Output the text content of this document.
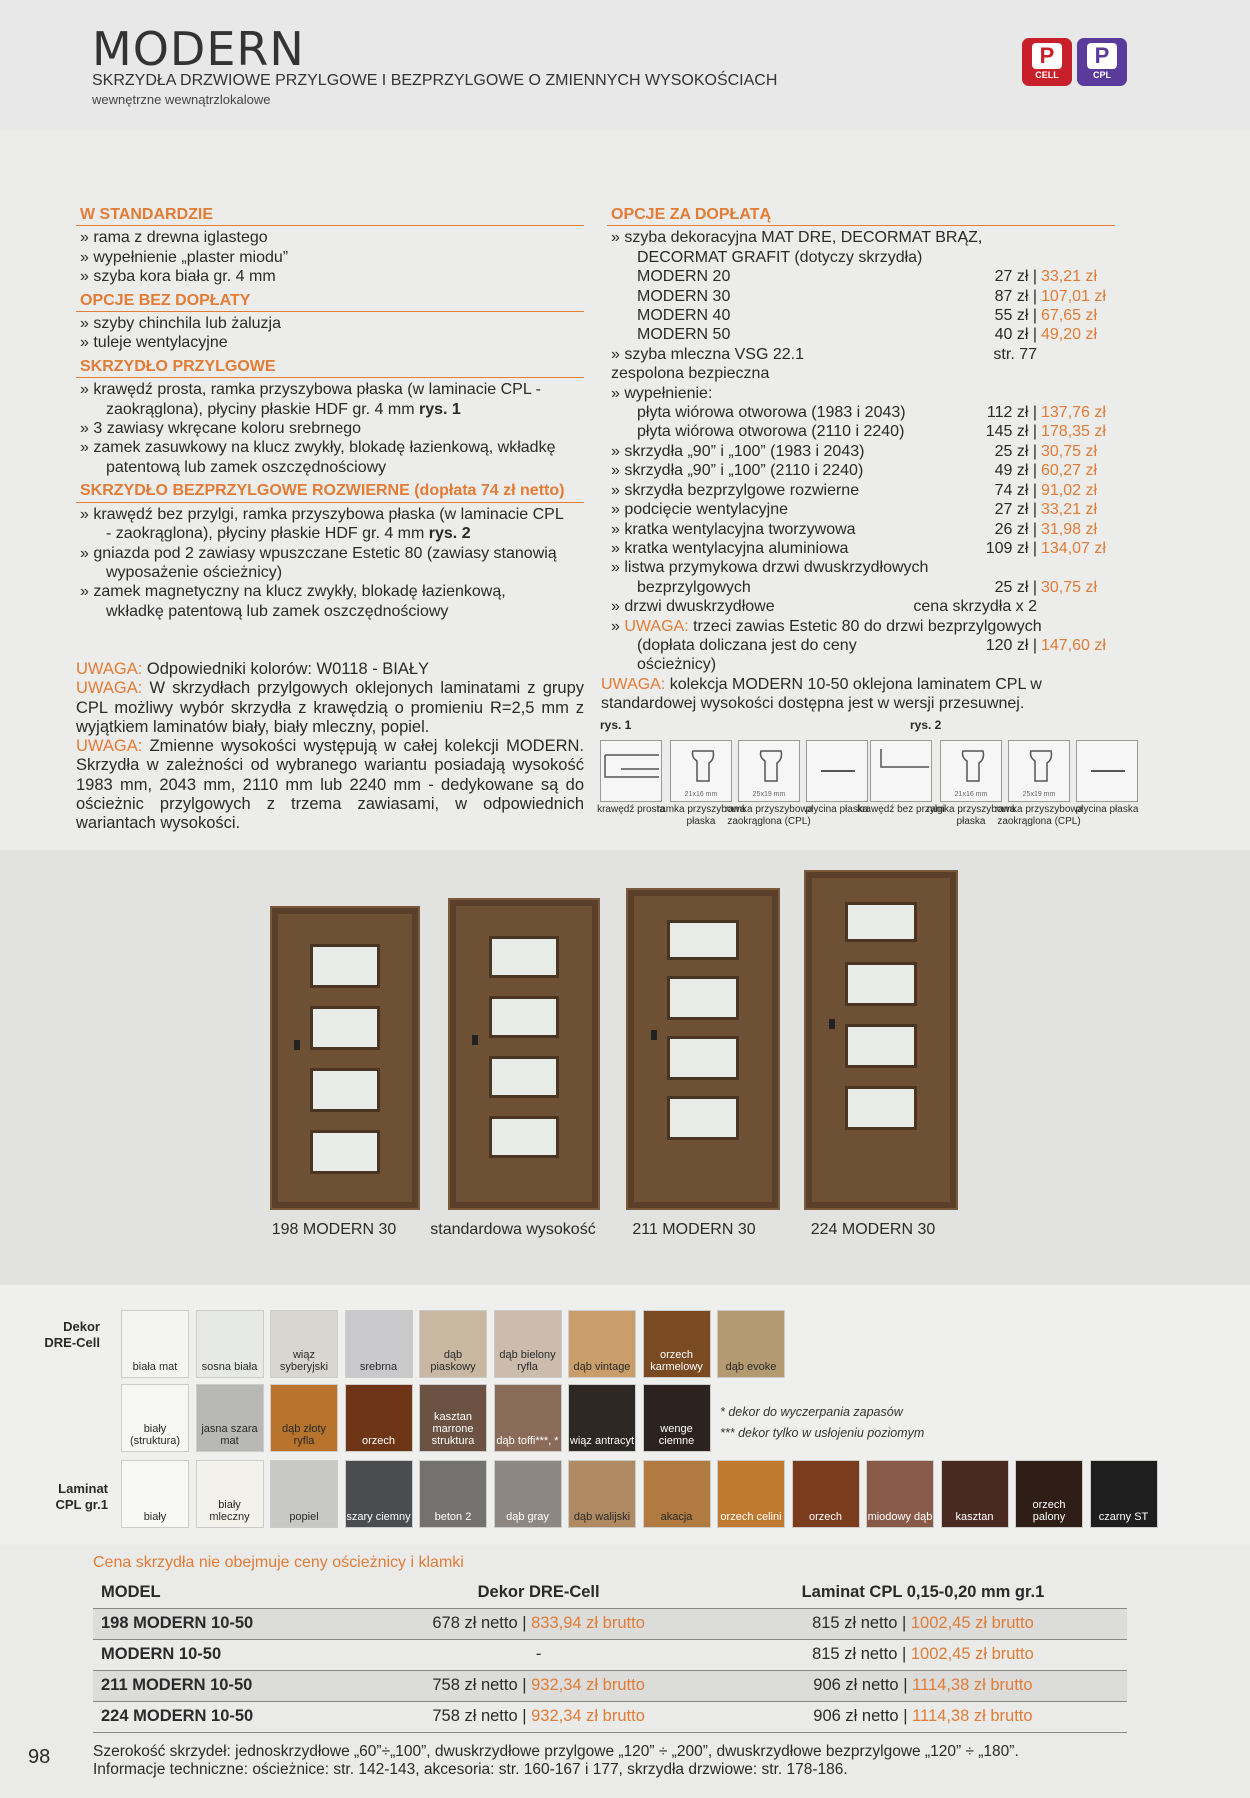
MODERN
SKRZYDŁA DRZWIOWE PRZYLGOWE I BEZPRZYLGOWE O ZMIENNYCH WYSOKOŚCIACH
wewnętrzne wewnątrzlokalowe
P
CELL
P
CPL
W STANDARDZIE
» rama z drewna iglastego
» wypełnienie „plaster miodu”
» szyba kora biała gr. 4 mm
OPCJE BEZ DOPŁATY
» szyby chinchila lub żaluzja
» tuleje wentylacyjne
SKRZYDŁO PRZYLGOWE
» krawędź prosta, ramka przyszybowa płaska (w laminacie CPL -
zaokrąglona), płyciny płaskie HDF gr. 4 mm rys. 1
» 3 zawiasy wkręcane koloru srebrnego
» zamek zasuwkowy na klucz zwykły, blokadę łazienkową, wkładkę
patentową lub zamek oszczędnościowy
SKRZYDŁO BEZPRZYLGOWE ROZWIERNE (dopłata 74 zł netto)
» krawędź bez przylgi, ramka przyszybowa płaska (w laminacie CPL
- zaokrąglona), płyciny płaskie HDF gr. 4 mm rys. 2
» gniazda pod 2 zawiasy wpuszczane Estetic 80 (zawiasy stanowią
wyposażenie ościeżnicy)
» zamek magnetyczny na klucz zwykły, blokadę łazienkową,
wkładkę patentową lub zamek oszczędnościowy
UWAGA: Odpowiedniki kolorów: W0118 - BIAŁY
UWAGA: W skrzydłach przylgowych oklejonych laminatami z grupy CPL możliwy wybór skrzydła z krawędzią o promieniu R=2,5 mm z wyjątkiem laminatów biały, biały mleczny, popiel.
UWAGA: Zmienne wysokości występują w całej kolekcji MODERN. Skrzydła w zależności od wybranego wariantu posiadają wysokość 1983 mm, 2043 mm, 2110 mm lub 2240 mm - dedykowane są do ościeżnic przylgowych z trzema zawiasami, w odpowiednich wariantach wysokości.
OPCJE ZA DOPŁATĄ
» szyba dekoracyjna MAT DRE, DECORMAT BRĄZ,
DECORMAT GRAFIT (dotyczy skrzydła)
MODERN 20	27 zł | 33,21 zł
MODERN 30	87 zł | 107,01 zł
MODERN 40	55 zł | 67,65 zł
MODERN 50	40 zł | 49,20 zł
» szyba mleczna VSG 22.1 zespolona bezpieczna
str. 77
» wypełnienie:
płyta wiórowa otworowa (1983 i 2043)	112 zł | 137,76 zł
płyta wiórowa otworowa (2110 i 2240)	145 zł | 178,35 zł
» skrzydła „90” i „100” (1983 i 2043)	25 zł | 30,75 zł
» skrzydła „90” i „100” (2110 i 2240)	49 zł | 60,27 zł
» skrzydła bezprzylgowe rozwierne	74 zł | 91,02 zł
» podcięcie wentylacyjne	27 zł | 33,21 zł
» kratka wentylacyjna tworzywowa	26 zł | 31,98 zł
» kratka wentylacyjna aluminiowa	109 zł | 134,07 zł
» listwa przymykowa drzwi dwuskrzydłowych
bezprzylgowych	25 zł | 30,75 zł
» drzwi dwuskrzydłowe	cena skrzydła x 2
» UWAGA: trzeci zawias Estetic 80 do drzwi bezprzylgowych
(dopłata doliczana jest do ceny ościeżnicy)
120 zł | 147,60 zł
UWAGA: kolekcja MODERN 10-50 oklejona laminatem CPL w standardowej wysokości dostępna jest w wersji przesuwnej.
rys. 1	rys. 2
krawędź prosta
21x16 mm
ramka przyszybowa płaska
25x19 mm
ramka przyszybowa zaokrąglona (CPL)
płycina płaska
krawędź bez przylgi
21x16 mm
ramka przyszybowa płaska
25x19 mm
ramka przyszybowa zaokrąglona (CPL)
płycina płaska
198 MODERN 30	standardowa wysokość	211 MODERN 30	224 MODERN 30
Dekor DRE-Cell
Laminat CPL gr.1
biała mat	sosna biała
wiąz syberyjski	srebrna
dąb piaskowy
dąb bielony ryfla	dąb vintage
orzech karmelowy	dąb evoke
biały (struktura)
jasna szara mat
dąb złoty ryfla	orzech
kasztan marrone struktura	dąb toffi***, * wiąz antracyt
wenge ciemne
biały
biały mleczny	popiel	szary ciemny	beton 2	dąb gray	dąb walijski	akacja	orzech celini	orzech	miodowy dąb	kasztan
orzech palony	czarny ST
* dekor do wyczerpania zapasów
*** dekor tylko w usłojeniu poziomym
Cena skrzydła nie obejmuje ceny ościeżnicy i klamki
MODEL	Dekor DRE-Cell	Laminat CPL 0,15-0,20 mm gr.1
198 MODERN 10-50	678 zł netto | 833,94 zł brutto	815 zł netto | 1002,45 zł brutto
MODERN 10-50	-	815 zł netto | 1002,45 zł brutto
211 MODERN 10-50	758 zł netto | 932,34 zł brutto	906 zł netto | 1114,38 zł brutto
224 MODERN 10-50	758 zł netto | 932,34 zł brutto	906 zł netto | 1114,38 zł brutto
Szerokość skrzydeł: jednoskrzydłowe „60”÷„100”, dwuskrzydłowe przylgowe „120” ÷ „200”, dwuskrzydłowe bezprzylgowe „120” ÷ „180”.
Informacje techniczne: ościeżnice: str. 142-143, akcesoria: str. 160-167 i 177, skrzydła drzwiowe: str. 178-186.
98
